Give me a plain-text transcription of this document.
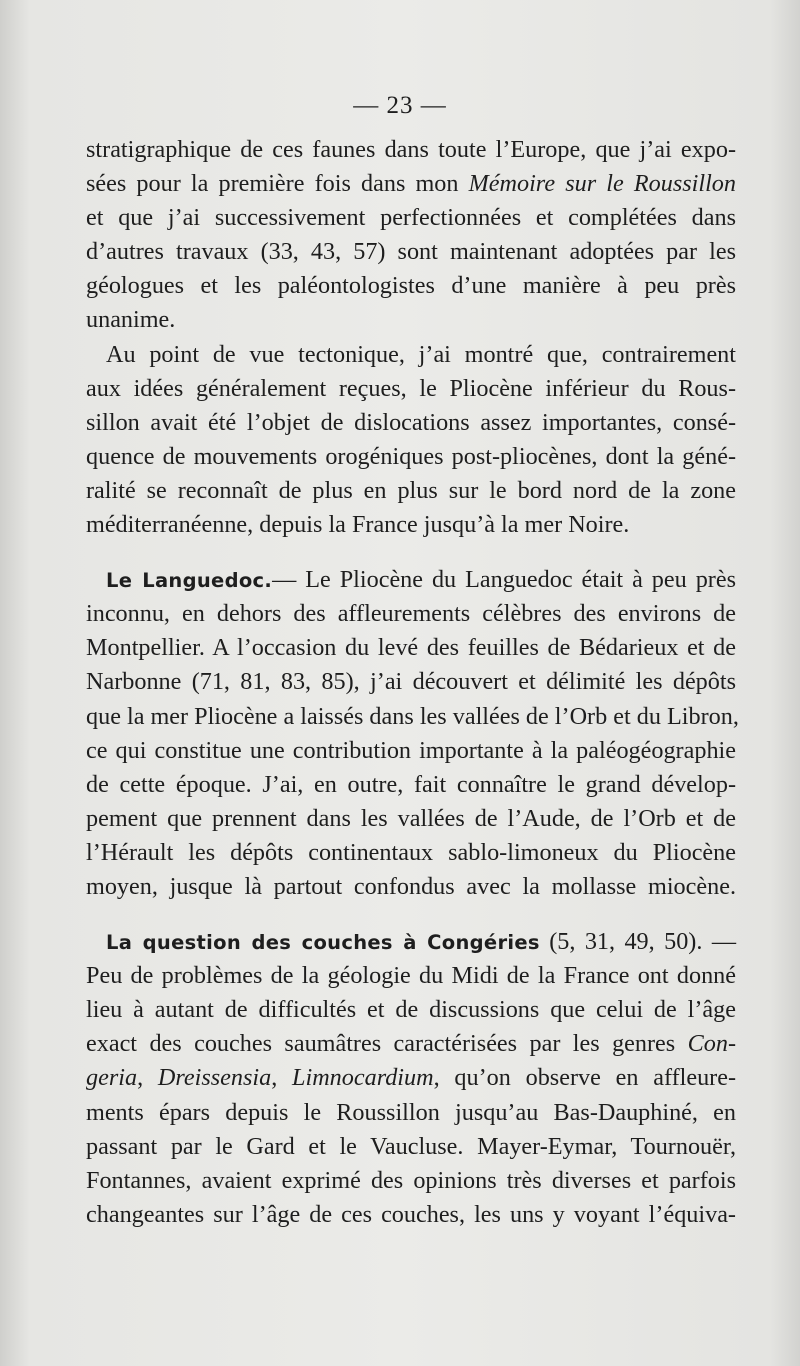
— 23 —
stratigraphique de ces faunes dans toute l’Europe, que j’ai expo-
sées pour la première fois dans mon Mémoire sur le Roussillon
et que j’ai successivement perfectionnées et complétées dans
d’autres travaux (33, 43, 57) sont maintenant adoptées par les
géologues et les paléontologistes d’une manière à peu près
unanime.
Au point de vue tectonique, j’ai montré que, contrairement
aux idées généralement reçues, le Pliocène inférieur du Rous-
sillon avait été l’objet de dislocations assez importantes, consé-
quence de mouvements orogéniques post-pliocènes, dont la géné-
ralité se reconnaît de plus en plus sur le bord nord de la zone
méditerranéenne, depuis la France jusqu’à la mer Noire.
Le Languedoc.— Le Pliocène du Languedoc était à peu près
inconnu, en dehors des affleurements célèbres des environs de
Montpellier. A l’occasion du levé des feuilles de Bédarieux et de
Narbonne (71, 81, 83, 85), j’ai découvert et délimité les dépôts
que la mer Pliocène a laissés dans les vallées de l’Orb et du Libron,
ce qui constitue une contribution importante à la paléogéographie
de cette époque. J’ai, en outre, fait connaître le grand dévelop-
pement que prennent dans les vallées de l’Aude, de l’Orb et de
l’Hérault les dépôts continentaux sablo-limoneux du Pliocène
moyen, jusque là partout confondus avec la mollasse miocène.
La question des couches à Congéries (5, 31, 49, 50). —
Peu de problèmes de la géologie du Midi de la France ont donné
lieu à autant de difficultés et de discussions que celui de l’âge
exact des couches saumâtres caractérisées par les genres Con-
geria, Dreissensia, Limnocardium, qu’on observe en affleure-
ments épars depuis le Roussillon jusqu’au Bas-Dauphiné, en
passant par le Gard et le Vaucluse. Mayer-Eymar, Tournouër,
Fontannes, avaient exprimé des opinions très diverses et parfois
changeantes sur l’âge de ces couches, les uns y voyant l’équiva-
